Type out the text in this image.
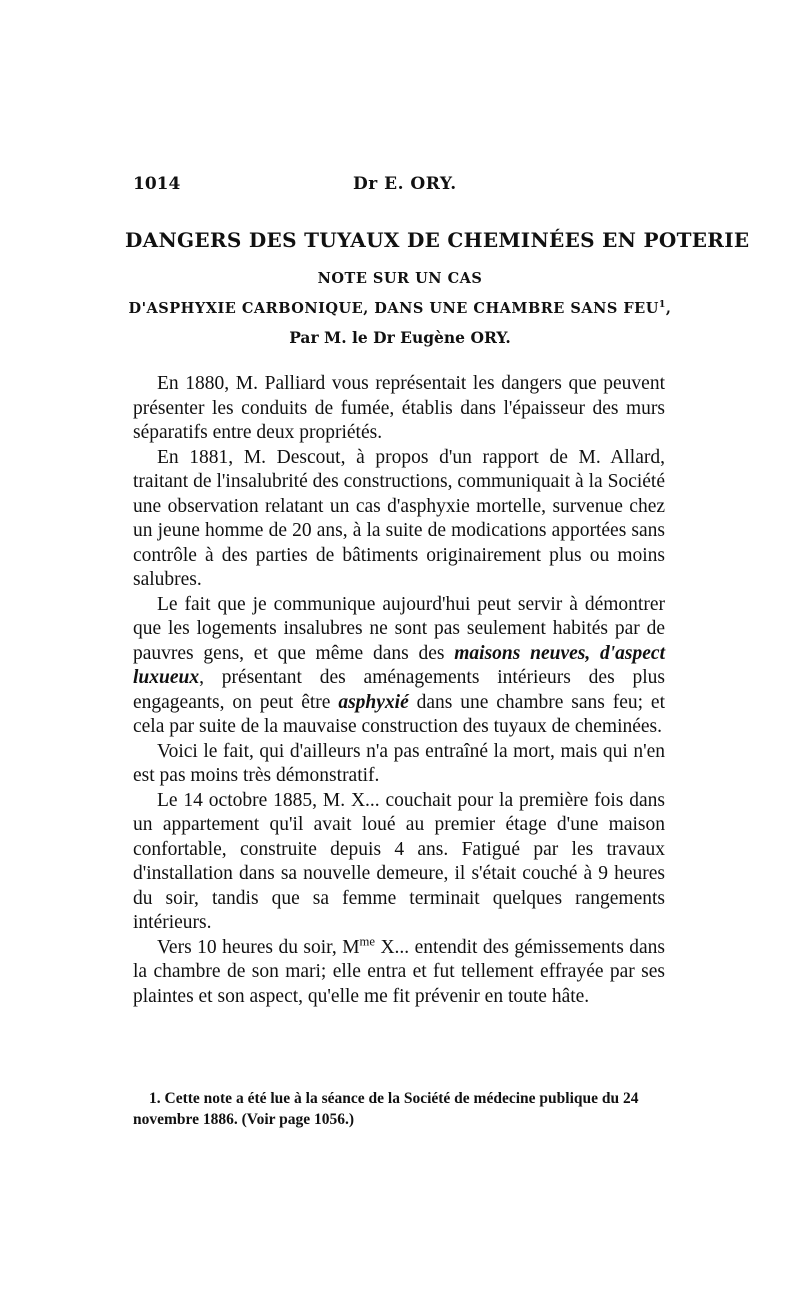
1014	Dr E. ORY.
DANGERS DES TUYAUX DE CHEMINÉES EN POTERIE
NOTE SUR UN CAS
D'ASPHYXIE CARBONIQUE, DANS UNE CHAMBRE SANS FEU$^1$,
Par M. le Dr Eugène ORY.

En 1880, M. Palliard vous représentait les dangers que peuvent présenter les conduits de fumée, établis dans l'épaisseur des murs séparatifs entre deux propriétés.

En 1881, M. Descout, à propos d'un rapport de M. Allard, traitant de l'insalubrité des constructions, communiquait à la Société une observation relatant un cas d'asphyxie mortelle, survenue chez un jeune homme de 20 ans, à la suite de modications apportées sans contrôle à des parties de bâtiments originairement plus ou moins salubres.

Le fait que je communique aujourd'hui peut servir à démontrer que les logements insalubres ne sont pas seulement habités par de pauvres gens, et que même dans des maisons neuves, d'aspect luxueux, présentant des aménagements intérieurs des plus engageants, on peut être asphyxié dans une chambre sans feu; et cela par suite de la mauvaise construction des tuyaux de cheminées.

Voici le fait, qui d'ailleurs n'a pas entraîné la mort, mais qui n'en est pas moins très démonstratif.

Le 14 octobre 1885, M. X... couchait pour la première fois dans un appartement qu'il avait loué au premier étage d'une maison confortable, construite depuis 4 ans. Fatigué par les travaux d'installation dans sa nouvelle demeure, il s'était couché à 9 heures du soir, tandis que sa femme terminait quelques rangements intérieurs.

Vers 10 heures du soir, $M^{me}$ X... entendit des gémissements dans la chambre de son mari; elle entra et fut tellement effrayée par ses plaintes et son aspect, qu'elle me fit prévenir en toute hâte.

1. Cette note a été lue à la séance de la Société de médecine publique du 24 novembre 1886. (Voir page 1056.)
